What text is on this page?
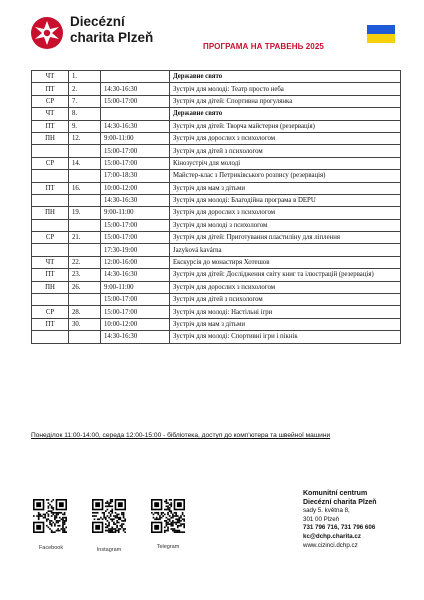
Diecézní
charita Plzeň
ПРОГРАМА НА ТРАВЕНЬ 2025
ЧТ	1.		Державне свято
ПТ	2.	14:30-16:30	Зустріч для молоді: Театр просто неба
СР	7.	15:00-17:00	Зустріч для дітей: Спортивна прогулянка
ЧТ	8.		Державне свято
ПТ	9.	14:30-16:30	Зустріч для дітей: Творча майстерня (резервація)
ПН	12.	9:00-11:00	Зустріч для дорослих з психологом
		15:00-17:00	Зустріч для дітей з психологом
СР	14.	15:00-17:00	Кінозустріч для молоді
		17:00-18:30	Майстер-клас з Петриківського розпису (резервація)
ПТ	16.	10:00-12:00	Зустріч для мам з дітьми
		14:30-16:30	Зустріч для молоді: Благодійна програма в DEPU
ПН	19.	9:00-11:00	Зустріч для дорослих з психологом
		15:00-17:00	Зустріч для молоді з психологом
СР	21.	15:00-17:00	Зустріч для дітей: Приготування пластиліну для ліплення
		17:30-19:00	Jazyková kavárna
ЧТ	22.	12:00-16:00	Екскурсія до монастиря Хотешов
ПТ	23.	14:30-16:30	Зустріч для дітей: Дослідження світу книг та ілюстрацій (резервація)
ПН	26.	9:00-11:00	Зустріч для дорослих з психологом
		15:00-17:00	Зустріч для дітей з психологом
СР	28.	15:00-17:00	Зустріч для молоді: Настільні ігри
ПТ	30.	10:00-12:00	Зустріч для мам з дітьми
		14:30-16:30	Зустріч для молоді: Спортивні ігри і пікнік
Понеділок 11:00-14:00, середа 12:00-15:00 - бібліотека, доступ до комп'ютера та швейної машини
Facebook	Instagram	Telegram
Komunitní centrum
Diecézní charita Plzeň
sady 5. května 8,
301 00 Plzeň
731 796 716, 731 796 606
kc@dchp.charita.cz
www.cizinci.dchp.cz
